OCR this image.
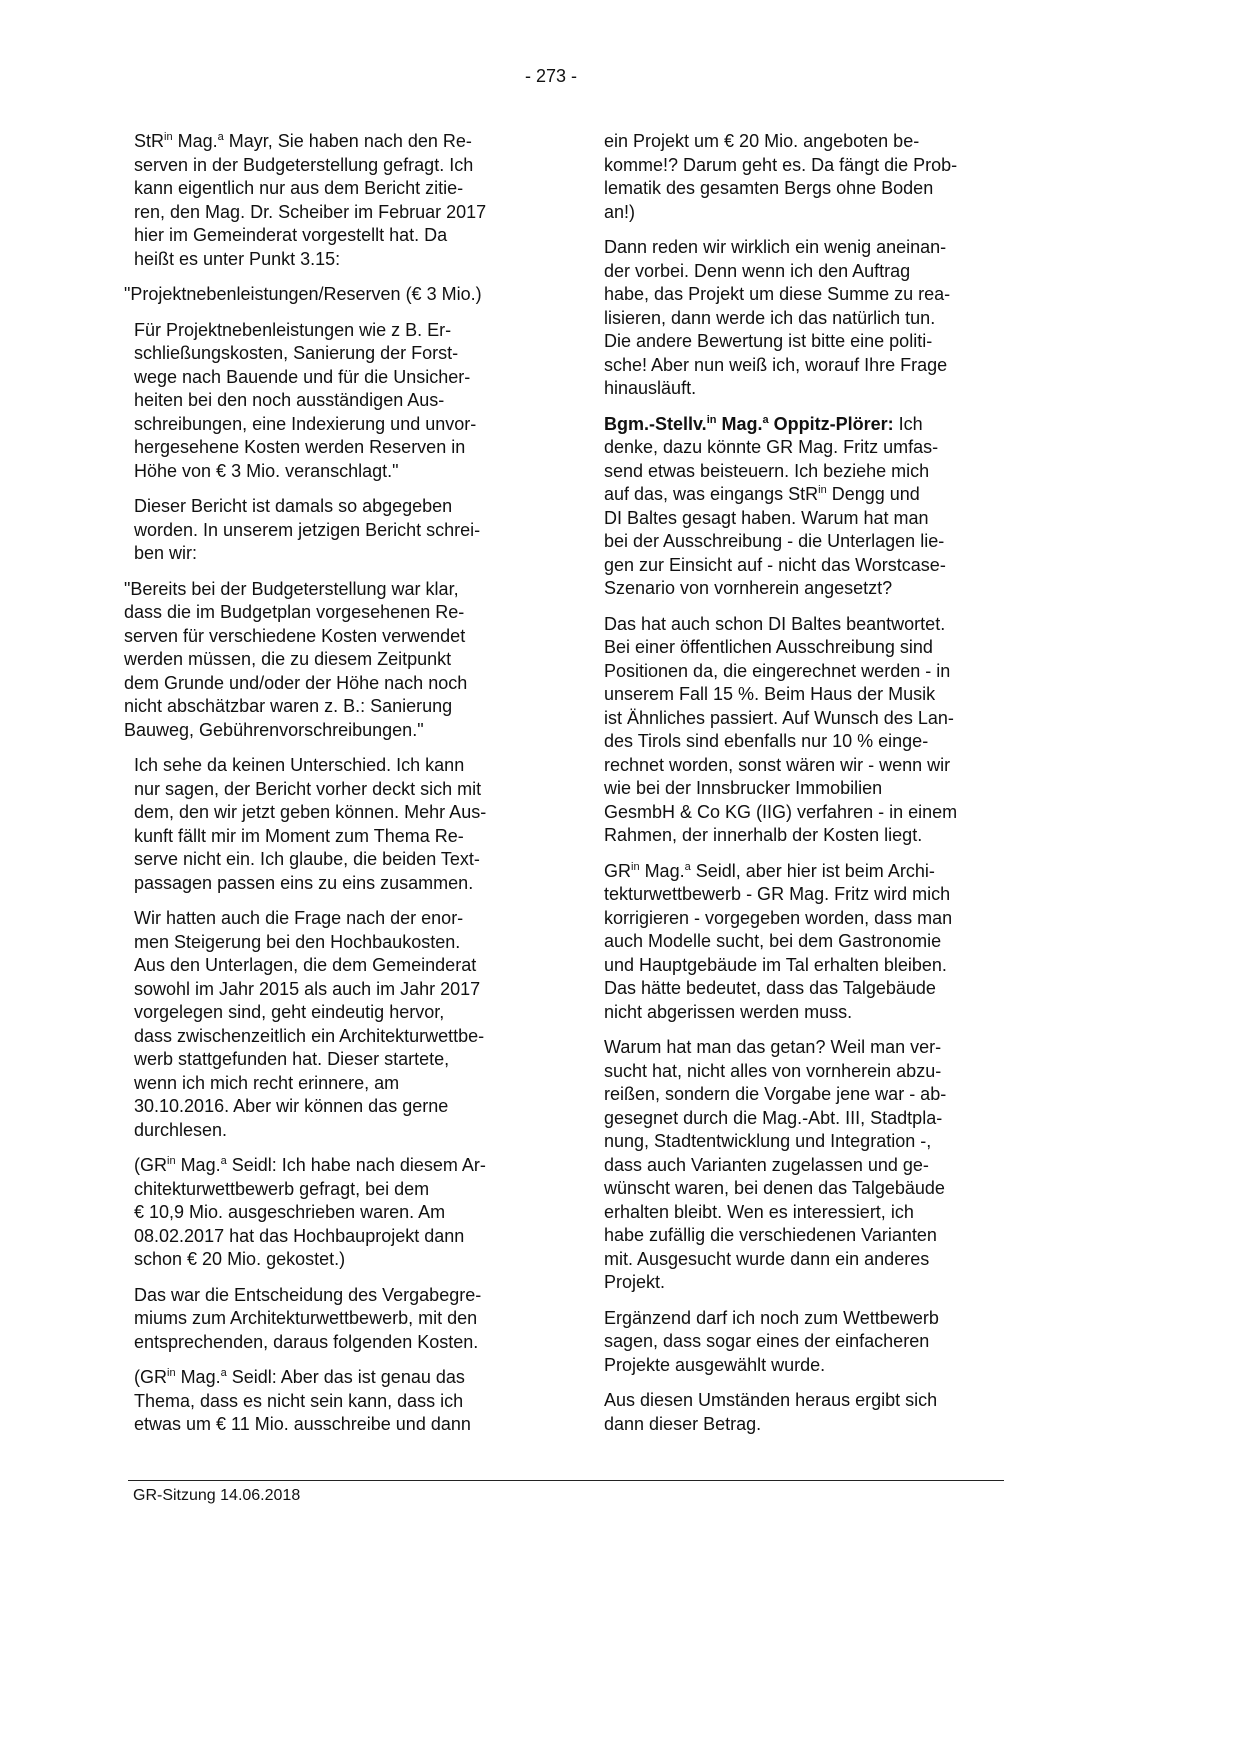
- 273 -
StR$^{in}$ Mag.$^a$ Mayr, Sie haben nach den Re-
serven in der Budgeterstellung gefragt. Ich
kann eigentlich nur aus dem Bericht zitie-
ren, den Mag. Dr. Scheiber im Februar 2017
hier im Gemeinderat vorgestellt hat. Da
heißt es unter Punkt 3.15:
"Projektnebenleistungen/Reserven (€ 3 Mio.)
Für Projektnebenleistungen wie z B. Er-
schließungskosten, Sanierung der Forst-
wege nach Bauende und für die Unsicher-
heiten bei den noch ausständigen Aus-
schreibungen, eine Indexierung und unvor-
hergesehene Kosten werden Reserven in
Höhe von € 3 Mio. veranschlagt."
Dieser Bericht ist damals so abgegeben
worden. In unserem jetzigen Bericht schrei-
ben wir:
"Bereits bei der Budgeterstellung war klar,
dass die im Budgetplan vorgesehenen Re-
serven für verschiedene Kosten verwendet
werden müssen, die zu diesem Zeitpunkt
dem Grunde und/oder der Höhe nach noch
nicht abschätzbar waren z. B.: Sanierung
Bauweg, Gebührenvorschreibungen."
Ich sehe da keinen Unterschied. Ich kann
nur sagen, der Bericht vorher deckt sich mit
dem, den wir jetzt geben können. Mehr Aus-
kunft fällt mir im Moment zum Thema Re-
serve nicht ein. Ich glaube, die beiden Text-
passagen passen eins zu eins zusammen.
Wir hatten auch die Frage nach der enor-
men Steigerung bei den Hochbaukosten.
Aus den Unterlagen, die dem Gemeinderat
sowohl im Jahr 2015 als auch im Jahr 2017
vorgelegen sind, geht eindeutig hervor,
dass zwischenzeitlich ein Architekturwettbe-
werb stattgefunden hat. Dieser startete,
wenn ich mich recht erinnere, am
30.10.2016. Aber wir können das gerne
durchlesen.
($GR^{in}$ Mag.$^a$ Seidl: Ich habe nach diesem Ar-
chitekturwettbewerb gefragt, bei dem
€ 10,9 Mio. ausgeschrieben waren. Am
08.02.2017 hat das Hochbauprojekt dann
schon € 20 Mio. gekostet.)
Das war die Entscheidung des Vergabegre-
miums zum Architekturwettbewerb, mit den
entsprechenden, daraus folgenden Kosten.
($GR^{in}$ Mag.$^a$ Seidl: Aber das ist genau das
Thema, dass es nicht sein kann, dass ich
etwas um € 11 Mio. ausschreibe und dann
ein Projekt um € 20 Mio. angeboten be-
komme!? Darum geht es. Da fängt die Prob-
lematik des gesamten Bergs ohne Boden
an!)
Dann reden wir wirklich ein wenig aneinan-
der vorbei. Denn wenn ich den Auftrag
habe, das Projekt um diese Summe zu rea-
lisieren, dann werde ich das natürlich tun.
Die andere Bewertung ist bitte eine politi-
sche! Aber nun weiß ich, worauf Ihre Frage
hinausläuft.
Bgm.-Stellv.$^{in}$ Mag.$^a$ Oppitz-Plörer: Ich
denke, dazu könnte GR Mag. Fritz umfas-
send etwas beisteuern. Ich beziehe mich
auf das, was eingangs StR$^{in}$ Dengg und
DI Baltes gesagt haben. Warum hat man
bei der Ausschreibung - die Unterlagen lie-
gen zur Einsicht auf - nicht das Worstcase-
Szenario von vornherein angesetzt?
Das hat auch schon DI Baltes beantwortet.
Bei einer öffentlichen Ausschreibung sind
Positionen da, die eingerechnet werden - in
unserem Fall 15 %. Beim Haus der Musik
ist Ähnliches passiert. Auf Wunsch des Lan-
des Tirols sind ebenfalls nur 10 % einge-
rechnet worden, sonst wären wir - wenn wir
wie bei der Innsbrucker Immobilien
GesmbH & Co KG (IIG) verfahren - in einem
Rahmen, der innerhalb der Kosten liegt.
$GR^{in}$ Mag.$^a$ Seidl, aber hier ist beim Archi-
tekturwettbewerb - GR Mag. Fritz wird mich
korrigieren - vorgegeben worden, dass man
auch Modelle sucht, bei dem Gastronomie
und Hauptgebäude im Tal erhalten bleiben.
Das hätte bedeutet, dass das Talgebäude
nicht abgerissen werden muss.
Warum hat man das getan? Weil man ver-
sucht hat, nicht alles von vornherein abzu-
reißen, sondern die Vorgabe jene war - ab-
gesegnet durch die Mag.-Abt. III, Stadtpla-
nung, Stadtentwicklung und Integration -,
dass auch Varianten zugelassen und ge-
wünscht waren, bei denen das Talgebäude
erhalten bleibt. Wen es interessiert, ich
habe zufällig die verschiedenen Varianten
mit. Ausgesucht wurde dann ein anderes
Projekt.
Ergänzend darf ich noch zum Wettbewerb
sagen, dass sogar eines der einfacheren
Projekte ausgewählt wurde.
Aus diesen Umständen heraus ergibt sich
dann dieser Betrag.
GR-Sitzung 14.06.2018
